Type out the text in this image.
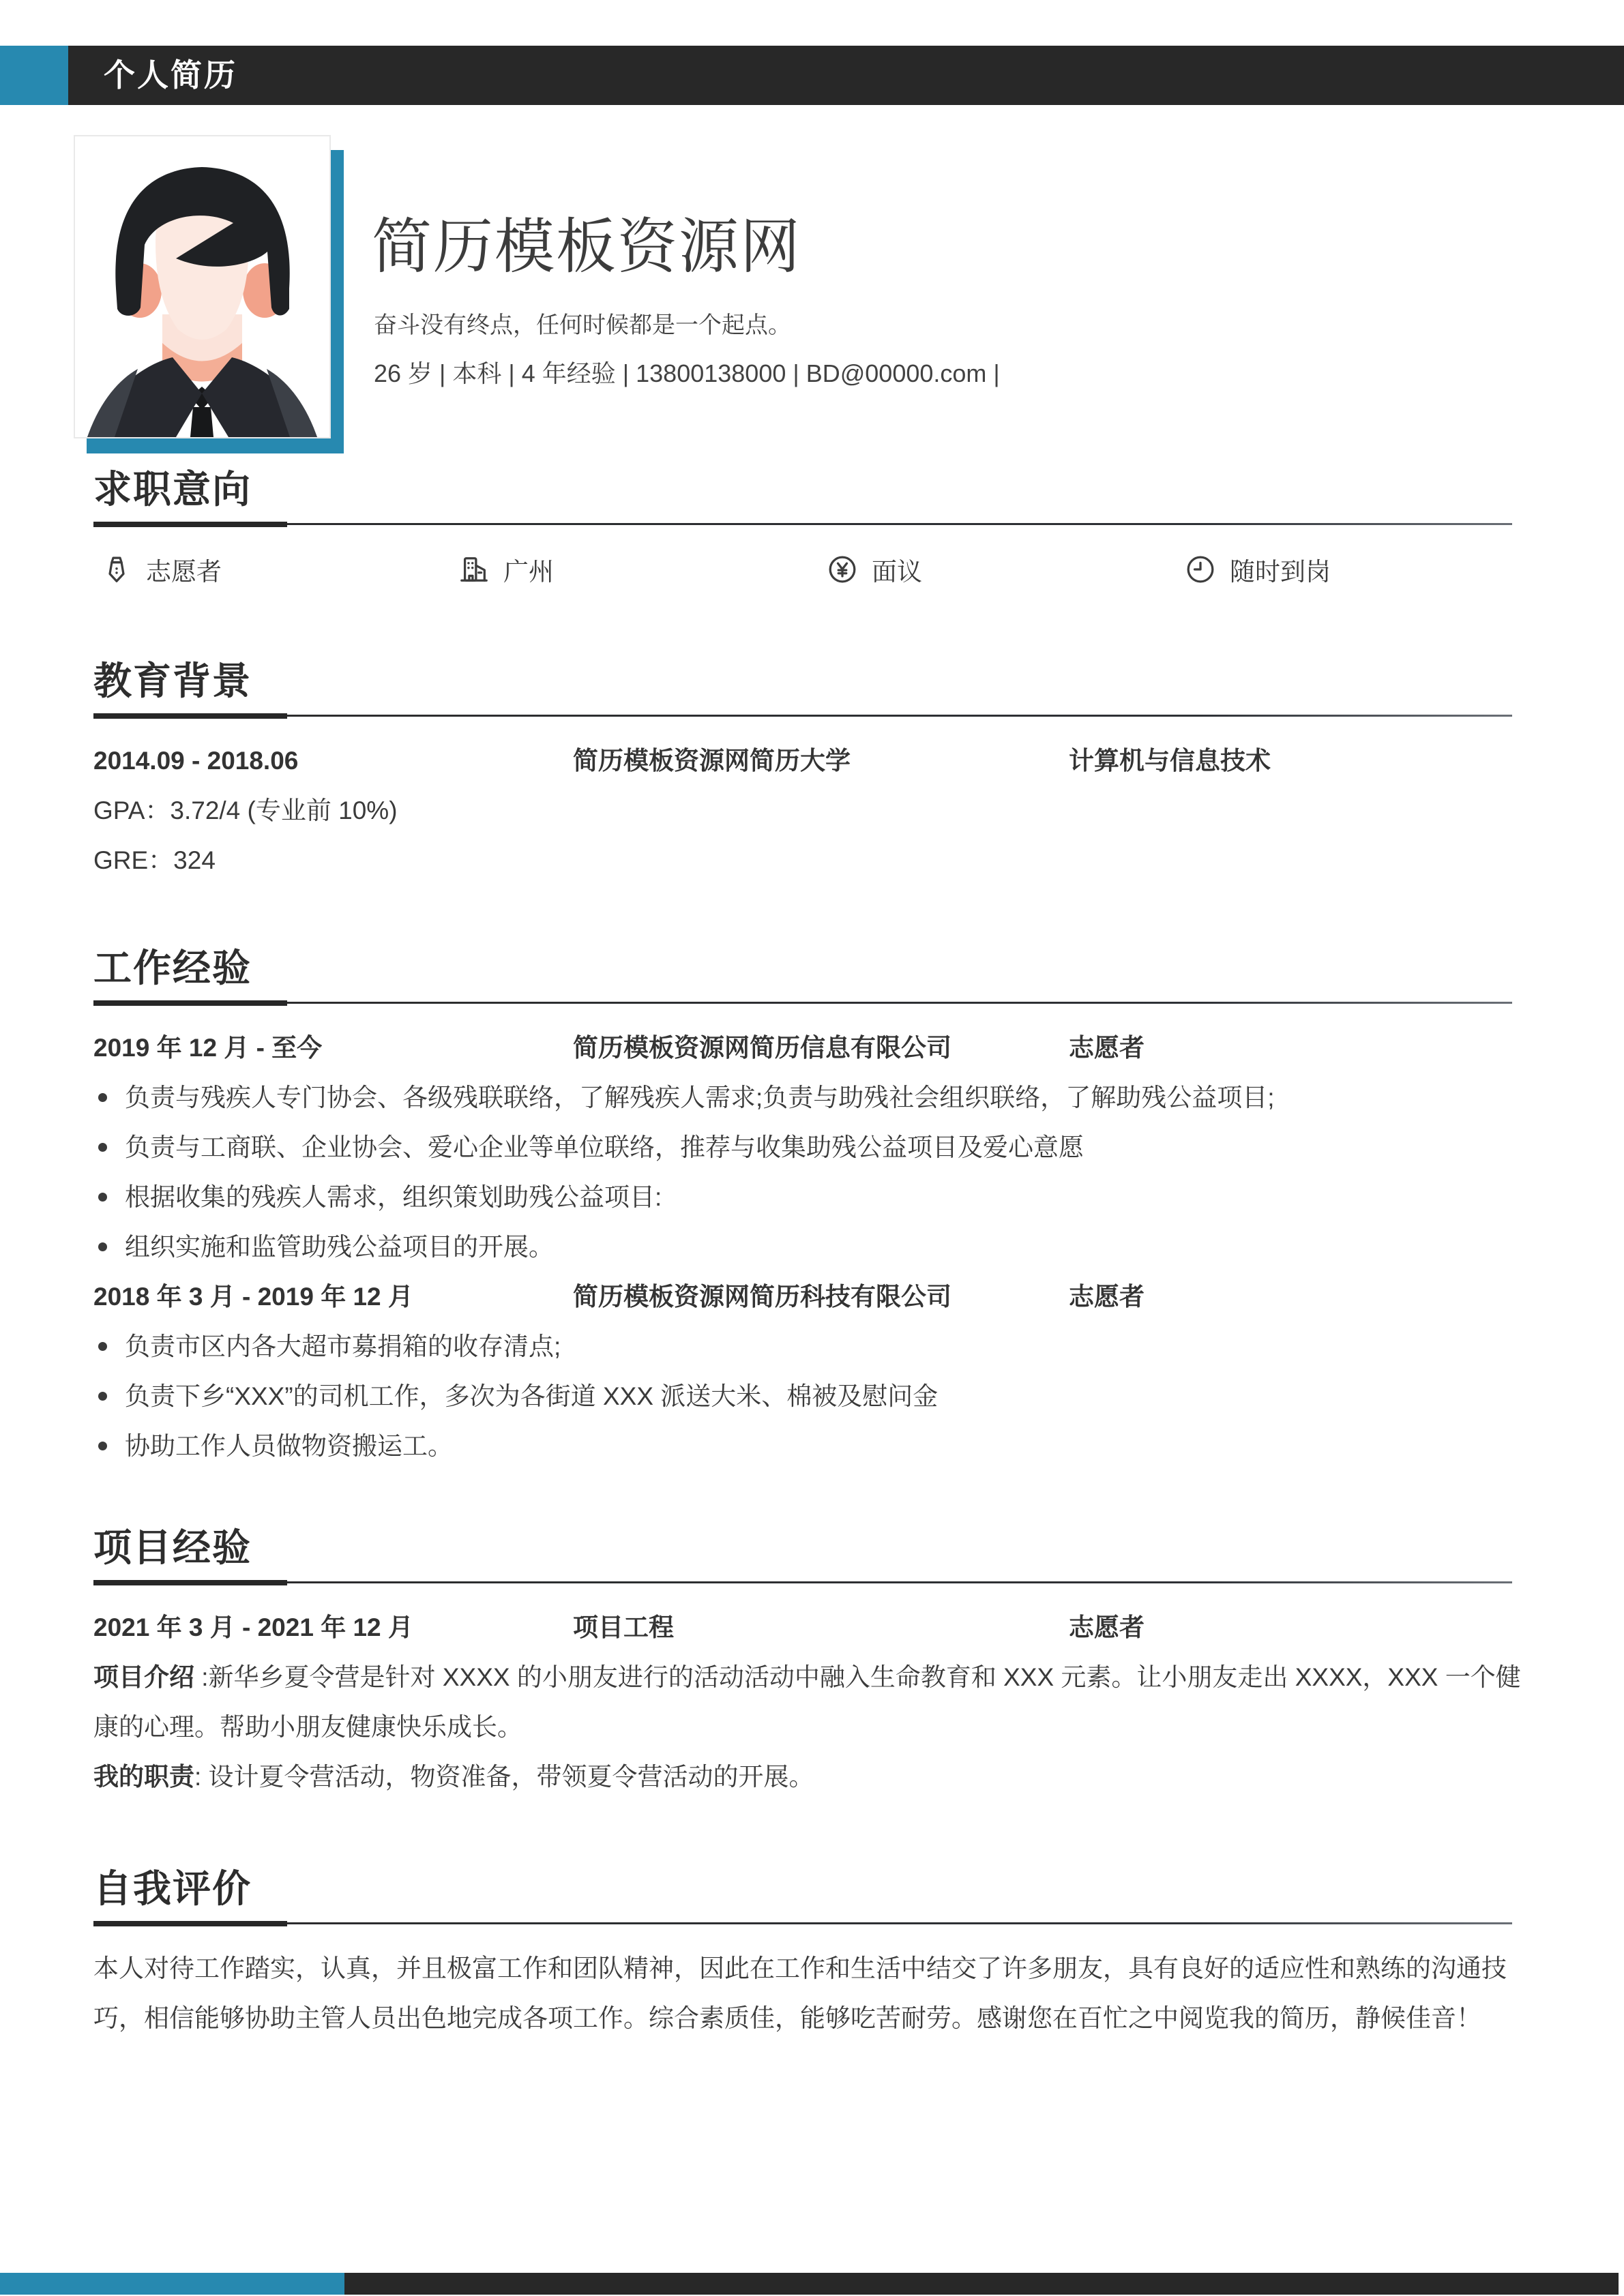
个人简历
简历模板资源网

奋斗没有终点，任何时候都是一个起点。

26 岁 | 本科 | 4 年经验 | 13800138000 | BD@00000.com |

求职意向
志愿者	广州	面议	随时到岗
教育背景
2014.09 - 2018.06	简历模板资源网简历大学	计算机与信息技术

GPA：3.72/4 (专业前 10%)

GRE：324

工作经验
2019 年 12 月 - 至今	简历模板资源网简历信息有限公司	志愿者
负责与残疾人专门协会、各级残联联络，了解残疾人需求;负责与助残社会组织联络，了解助残公益项目;
负责与工商联、企业协会、爱心企业等单位联络，推荐与收集助残公益项目及爱心意愿
根据收集的残疾人需求，组织策划助残公益项目:
组织实施和监管助残公益项目的开展。
2018 年 3 月 - 2019 年 12 月	简历模板资源网简历科技有限公司	志愿者
负责市区内各大超市募捐箱的收存清点;
负责下乡“XXX”的司机工作，多次为各街道 XXX 派送大米、棉被及慰问金
协助工作人员做物资搬运工。
项目经验
2021 年 3 月 - 2021 年 12 月	项目工程	志愿者

项目介绍 :新华乡夏令营是针对 XXXX 的小朋友进行的活动活动中融入生命教育和 XXX 元素。让小朋友走出 XXXX，XXX 一个健康的心理。帮助小朋友健康快乐成长。

我的职责: 设计夏令营活动，物资准备，带领夏令营活动的开展。

自我评价

本人对待工作踏实，认真，并且极富工作和团队精神，因此在工作和生活中结交了许多朋友，具有良好的适应性和熟练的沟通技巧，相信能够协助主管人员出色地完成各项工作。综合素质佳，能够吃苦耐劳。感谢您在百忙之中阅览我的简历，静候佳音！
